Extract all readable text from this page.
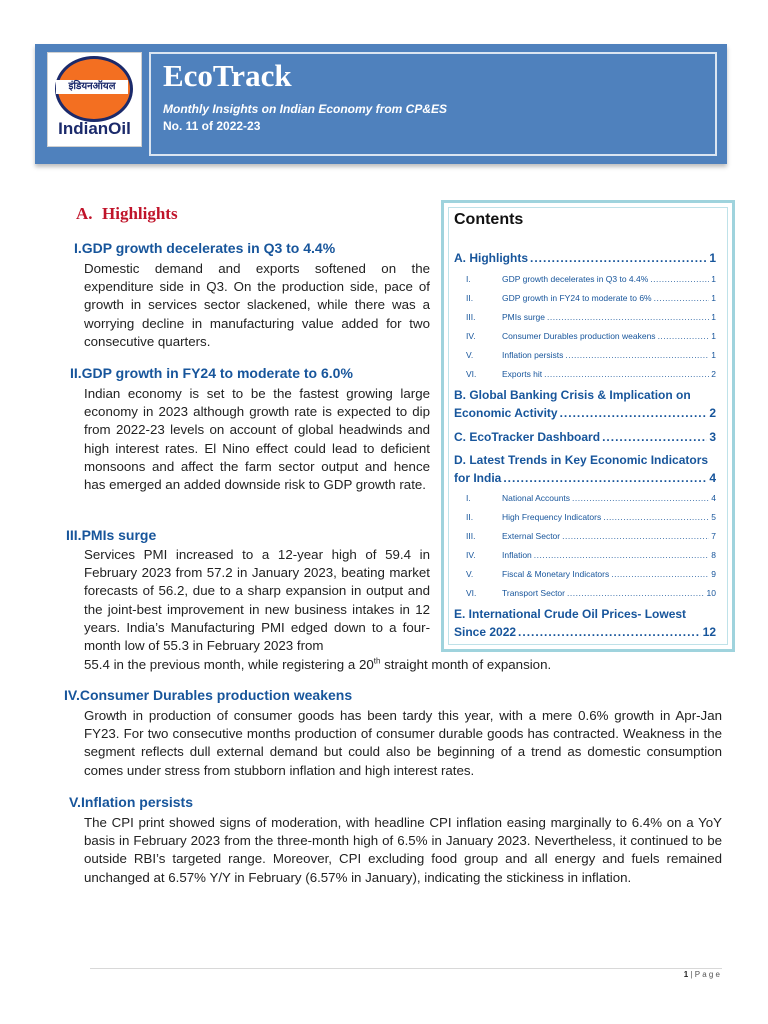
इंडियनऑयल
IndianOil
EcoTrack
Monthly Insights on Indian Economy from CP&ES
No. 11 of 2022-23
A. Highlights
I.GDP growth decelerates in Q3 to 4.4%

Domestic demand and exports softened on the expenditure side in Q3. On the production side, pace of growth in services sector slackened, while there was a worrying decline in manufacturing value added for two consecutive quarters.

II.GDP growth in FY24 to moderate to 6.0%

Indian economy is set to be the fastest growing large economy in 2023 although growth rate is expected to dip from 2022-23 levels on account of global headwinds and high interest rates. El Nino effect could lead to deficient monsoons and affect the farm sector output and hence has emerged an added downside risk to GDP growth rate.

III.PMIs surge

Services PMI increased to a 12-year high of 59.4 in February 2023 from 57.2 in January 2023, beating market forecasts of 56.2, due to a sharp expansion in output and the joint-best improvement in new business intakes in 12 years. India’s Manufacturing PMI edged down to a four-month low of 55.3 in February 2023 from

55.4 in the previous month, while registering a 20th straight month of expansion.

IV.Consumer Durables production weakens

Growth in production of consumer goods has been tardy this year, with a mere 0.6% growth in Apr-Jan FY23. For two consecutive months production of consumer durable goods has contracted. Weakness in the segment reflects dull external demand but could also be beginning of a trend as domestic consumption comes under stress from stubborn inflation and high interest rates.

V.Inflation persists

The CPI print showed signs of moderation, with headline CPI inflation easing marginally to 6.4% on a YoY basis in February 2023 from the three-month high of 6.5% in January 2023. Nevertheless, it continued to be outside RBI’s targeted range. Moreover, CPI excluding food group and all energy and fuels remained unchanged at 6.57% Y/Y in February (6.57% in January), indicating the stickiness in inflation.

Contents
A. Highlights .....	1
I.	GDP growth decelerates in Q3 to 4.4% .....	1
II.	GDP growth in FY24 to moderate to 6% .....	1
III.	PMIs surge .....	1
IV.	Consumer Durables production weakens .....	1
V.	Inflation persists .....	1
VI.	Exports hit .....	2
B. Global Banking Crisis & Implication on
Economic Activity .....	2
C. EcoTracker Dashboard .....	3
D. Latest Trends in Key Economic Indicators
for India .....	4
I.	National Accounts .....	4
II.	High Frequency Indicators .....	5
III.	External Sector .....	7
IV.	Inflation .....	8
V.	Fiscal & Monetary Indicators .....	9
VI.	Transport Sector .....	10
E. International Crude Oil Prices- Lowest
Since 2022 .....	12
1 | P a g e
